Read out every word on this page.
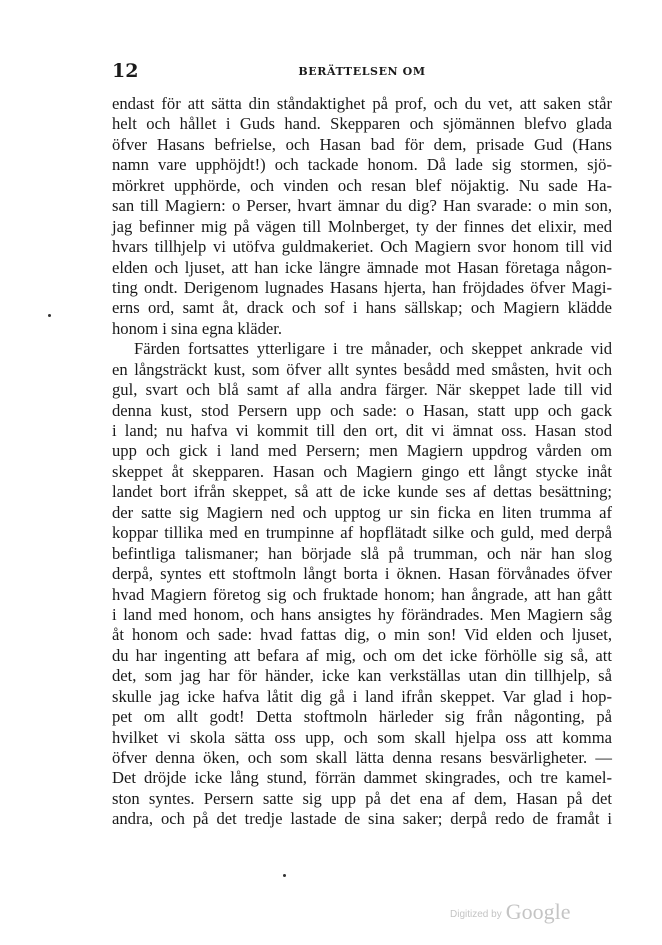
12	BERÄTTELSEN OM
endast för att sätta din ståndaktighet på prof, och du vet, att saken står
helt och hållet i Guds hand. Skepparen och sjömännen blefvo glada
öfver Hasans befrielse, och Hasan bad för dem, prisade Gud (Hans
namn vare upphöjdt!) och tackade honom. Då lade sig stormen, sjö-
mörkret upphörde, och vinden och resan blef nöjaktig. Nu sade Ha-
san till Magiern: o Perser, hvart ämnar du dig? Han svarade: o min son,
jag befinner mig på vägen till Molnberget, ty der finnes det elixir, med
hvars tillhjelp vi utöfva guldmakeriet. Och Magiern svor honom till vid
elden och ljuset, att han icke längre ämnade mot Hasan företaga någon-
ting ondt. Derigenom lugnades Hasans hjerta, han fröjdades öfver Magi-
erns ord, samt åt, drack och sof i hans sällskap; och Magiern klädde
honom i sina egna kläder.
Färden fortsattes ytterligare i tre månader, och skeppet ankrade vid
en långsträckt kust, som öfver allt syntes besådd med småsten, hvit och
gul, svart och blå samt af alla andra färger. När skeppet lade till vid
denna kust, stod Persern upp och sade: o Hasan, statt upp och gack
i land; nu hafva vi kommit till den ort, dit vi ämnat oss. Hasan stod
upp och gick i land med Persern; men Magiern uppdrog vården om
skeppet åt skepparen. Hasan och Magiern gingo ett långt stycke inåt
landet bort ifrån skeppet, så att de icke kunde ses af dettas besättning;
der satte sig Magiern ned och upptog ur sin ficka en liten trumma af
koppar tillika med en trumpinne af hopflätadt silke och guld, med derpå
befintliga talismaner; han började slå på trumman, och när han slog
derpå, syntes ett stoftmoln långt borta i öknen. Hasan förvånades öfver
hvad Magiern företog sig och fruktade honom; han ångrade, att han gått
i land med honom, och hans ansigtes hy förändrades. Men Magiern såg
åt honom och sade: hvad fattas dig, o min son! Vid elden och ljuset,
du har ingenting att befara af mig, och om det icke förhölle sig så, att
det, som jag har för händer, icke kan verkställas utan din tillhjelp, så
skulle jag icke hafva låtit dig gå i land ifrån skeppet. Var glad i hop-
pet om allt godt! Detta stoftmoln härleder sig från någonting, på
hvilket vi skola sätta oss upp, och som skall hjelpa oss att komma
öfver denna öken, och som skall lätta denna resans besvärligheter. —
Det dröjde icke lång stund, förrän dammet skingrades, och tre kamel-
ston syntes. Persern satte sig upp på det ena af dem, Hasan på det
andra, och på det tredje lastade de sina saker; derpå redo de framåt i
Digitized by Google
